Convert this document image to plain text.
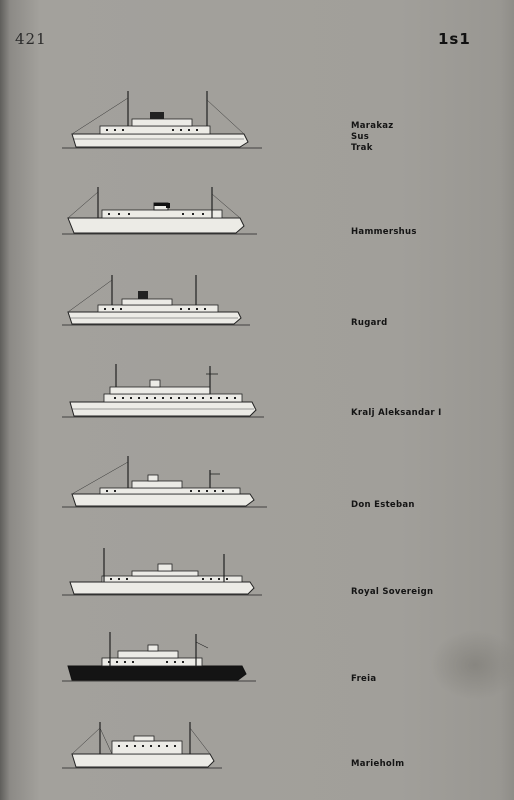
421	1s1
Marakaz
Sus
Trak
Hammershus
Rugard
Kralj Aleksandar I
Don Esteban
Royal Sovereign
Freia
Marieholm
